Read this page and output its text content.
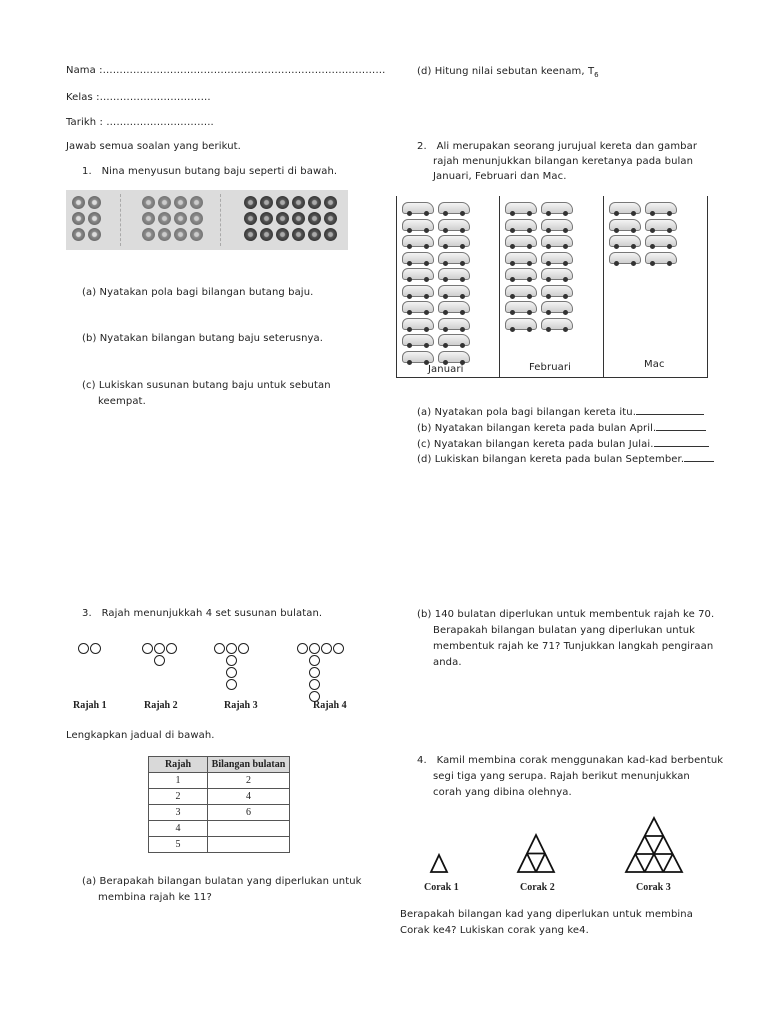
Nama :…………………………………………………………………………
Kelas :……………………………
Tarikh : …………………………..
Jawab semua soalan yang berikut.
1. Nina menyusun butang baju seperti di bawah.
(a) Nyatakan pola bagi bilangan butang baju.
(b) Nyatakan bilangan butang baju seterusnya.
(c) Lukiskan susunan butang baju untuk sebutan
keempat.
(d) Hitung nilai sebutan keenam, $T_6$
2. Ali merupakan seorang jurujual kereta dan gambar
rajah menunjukkan bilangan keretanya pada bulan
Januari, Februari dan Mac.
Januari	Februari	Mac
(a) Nyatakan pola bagi bilangan kereta itu.
(b) Nyatakan bilangan kereta pada bulan April.
(c) Nyatakan bilangan kereta pada bulan Julai.
(d) Lukiskan bilangan kereta pada bulan September.
3. Rajah menunjukkah 4 set susunan bulatan.
Rajah 1	Rajah 2	Rajah 3	Rajah 4
Lengkapkan jadual di bawah.
Rajah	Bilangan bulatan
1	2
2	4
3	6
4	
5	
(a) Berapakah bilangan bulatan yang diperlukan untuk
membina rajah ke 11?
(b) 140 bulatan diperlukan untuk membentuk rajah ke 70.
Berapakah bilangan bulatan yang diperlukan untuk
membentuk rajah ke 71? Tunjukkan langkah pengiraan
anda.
4. Kamil membina corak menggunakan kad-kad berbentuk
segi tiga yang serupa. Rajah berikut menunjukkan
corah yang dibina olehnya.
Corak 1	Corak 2	Corak 3
Berapakah bilangan kad yang diperlukan untuk membina
Corak ke4? Lukiskan corak yang ke4.
